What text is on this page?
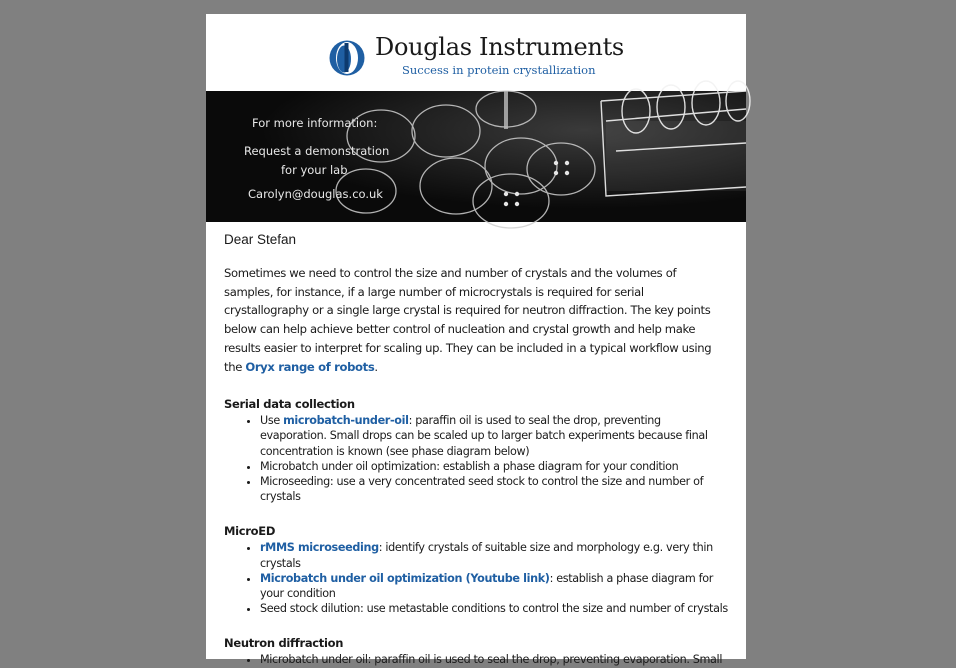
Douglas Instruments
Success in protein crystallization
For more information:
Request a demonstration
for your lab
Carolyn@douglas.co.uk
Dear Stefan
Sometimes we need to control the size and number of crystals and the volumes of samples, for instance, if a large number of microcrystals is required for serial crystallography or a single large crystal is required for neutron diffraction. The key points below can help achieve better control of nucleation and crystal growth and help make results easier to interpret for scaling up. They can be included in a typical workflow using the Oryx range of robots.
Serial data collection
• Use microbatch-under-oil: paraffin oil is used to seal the drop, preventing evaporation. Small drops can be scaled up to larger batch experiments because final concentration is known (see phase diagram below)
• Microbatch under oil optimization: establish a phase diagram for your condition
• Microseeding: use a very concentrated seed stock to control the size and number of crystals
MicroED
• rMMS microseeding: identify crystals of suitable size and morphology e.g. very thin crystals
• Microbatch under oil optimization (Youtube link): establish a phase diagram for your condition
• Seed stock dilution: use metastable conditions to control the size and number of crystals
Neutron diffraction
• Microbatch under oil: paraffin oil is used to seal the drop, preventing evaporation. Small
